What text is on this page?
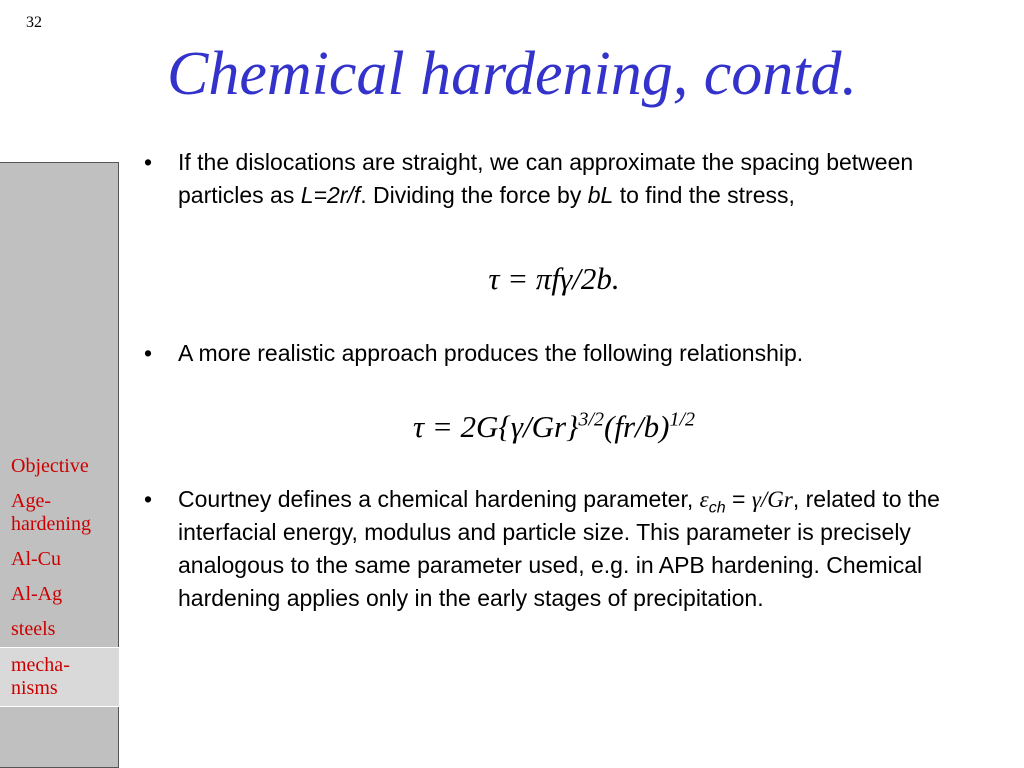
32
Chemical hardening, contd.
Objective
Age-
hardening
Al-Cu
Al-Ag
steels
mecha-
nisms

• If the dislocations are straight, we can approximate the spacing between particles as L=2r/f. Dividing the force by bL to find the stress,

τ = πfγ/2b.

• A more realistic approach produces the following relationship.

$\tau = 2G\{\gamma/Gr\}^{3/2}(fr/b)^{1/2}$

• Courtney defines a chemical hardening parameter, $\varepsilon_{ch} = \gamma/Gr$, related to the interfacial energy, modulus and particle size. This parameter is precisely analogous to the same parameter used, e.g. in APB hardening. Chemical hardening applies only in the early stages of precipitation.
